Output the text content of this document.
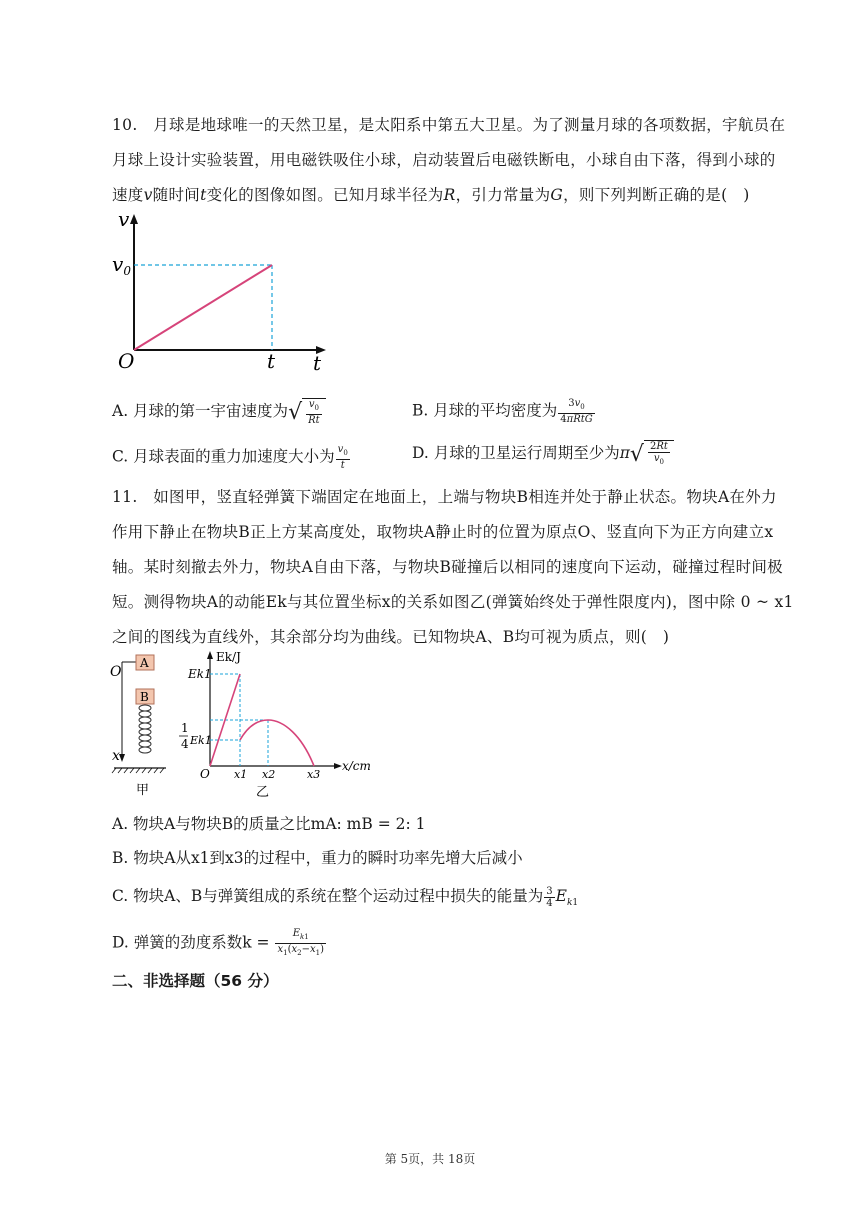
10. 月球是地球唯一的天然卫星，是太阳系中第五大卫星。为了测量月球的各项数据，宇航员在
月球上设计实验装置，用电磁铁吸住小球，启动装置后电磁铁断电，小球自由下落，得到小球的
速度v随时间t变化的图像如图。已知月球半径为R，引力常量为G，则下列判断正确的是(　)
v
O
$v_0$
t t
A. 月球的第一宇宙速度为√ $\frac{v_0}{Rt}$	B. 月球的平均密度为 $\frac{3v_0}{\text{4πRtG}}$
C. 月球表面的重力加速度大小为 $\frac{v_0}{t}$	D. 月球的卫星运行周期至少为$\pi√ \frac{2Rt}{v_0}$
11. 如图甲，竖直轻弹簧下端固定在地面上，上端与物块B相连并处于静止状态。物块A在外力
作用下静止在物块B正上方某高度处，取物块A静止时的位置为原点O、竖直向下为正方向建立x
轴。某时刻撤去外力，物块A自由下落，与物块B碰撞后以相同的速度向下运动，碰撞过程时间极
短。测得物块A的动能Ek与其位置坐标x的关系如图乙(弹簧始终处于弹性限度内)，图中除 0 ~ x1
之间的图线为直线外，其余部分均为曲线。已知物块A、B均可视为质点，则(　)
O
x
A
B
甲
Ek/J
x/cm
O
Ek1
1
4 Ek1
x1 x2	x3
乙
A. 物块A与物块B的质量之比mA: mB = 2: 1
B. 物块A从x1到x3的过程中，重力的瞬时功率先增大后减小
C. 物块A、B与弹簧组成的系统在整个运动过程中损失的能量为 $\frac{3}{4} E_{k1}$
D. 弹簧的劲度系数$k = \frac{E_{k1}}{x_1(x_2-x_1)}$
二、非选择题（56 分）
第 5页，共 18页
